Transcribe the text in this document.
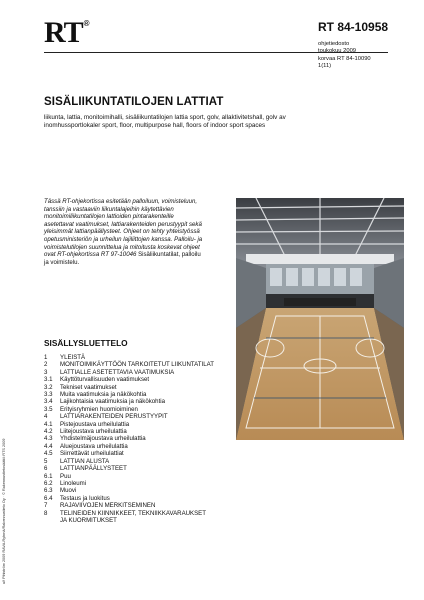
RT®	RT 84-10958
ohjetiedosto
toukokuu 2009
korvaa RT 84-10090
1(11)
SISÄLIIKUNTATILOJEN LATTIAT
liikunta, lattia, monitoimihalli, sisäliikuntatilojen lattia sport, golv, allaktivitetshall, golv av inomhussportlokaler sport, floor, multipurpose hall, floors of indoor sport spaces
Tässä RT-ohjekortissa esitetään palloiluun, voimisteluun, tanssiin ja vastaaviin liikuntalajeihin käytettävien monitoimiliikuntatilojen lattioiden pintarakenteille asetettavat vaatimukset, lattiarakenteiden perustyypit sekä yleisimmät lattianpäällysteet. Ohjeet on tehty yhteistyössä opetusministeriön ja urheilun lajiliittojen kanssa. Palloilu- ja voimistelutilojen suunnittelua ja mitoitusta koskevat ohjeet ovat RT-ohjekortissa RT 97-10046 Sisäliikuntatilat, palloilu ja voimistelu.
SISÄLLYSLUETTELO
1	YLEISTÄ
2	MONITOIMIKÄYTTÖÖN TARKOITETUT LIIKUNTATILAT
3	LATTIALLE ASETETTAVIA VAATIMUKSIA
3.1	Käyttöturvallisuuden vaatimukset
3.2	Tekniset vaatimukset
3.3	Muita vaatimuksia ja näkökohtia
3.4	Lajikohtaisia vaatimuksia ja näkökohtia
3.5	Erityisryhmien huomioiminen
4	LATTIARAKENTEIDEN PERUSTYYPIT
4.1	Pistejoustava urheilulattia
4.2	Liitejoustava urheilulattia
4.3	Yhdistelmäjoustava urheilulattia
4.4	Aluejoustava urheilulattia
4.5	Siirrettävät urheilulattiat
5	LATTIAN ALUSTA
6	LATTIANPÄÄLLYSTEET
6.1	Puu
6.2	Linoleumi
6.3	Muovi
6.4	Testaus ja luokitus
7	RAJAVIIVOJEN MERKITSEMINEN
8	TELINEIDEN KIINNIKKEET, TEKNIIKKAVARAUKSET JA KUORMITUKSET
ulf Pihlström 2009 RAVA-Ryhmä/Rakennustieto Oy · © Rakennustietosäätiö RTS 2009
